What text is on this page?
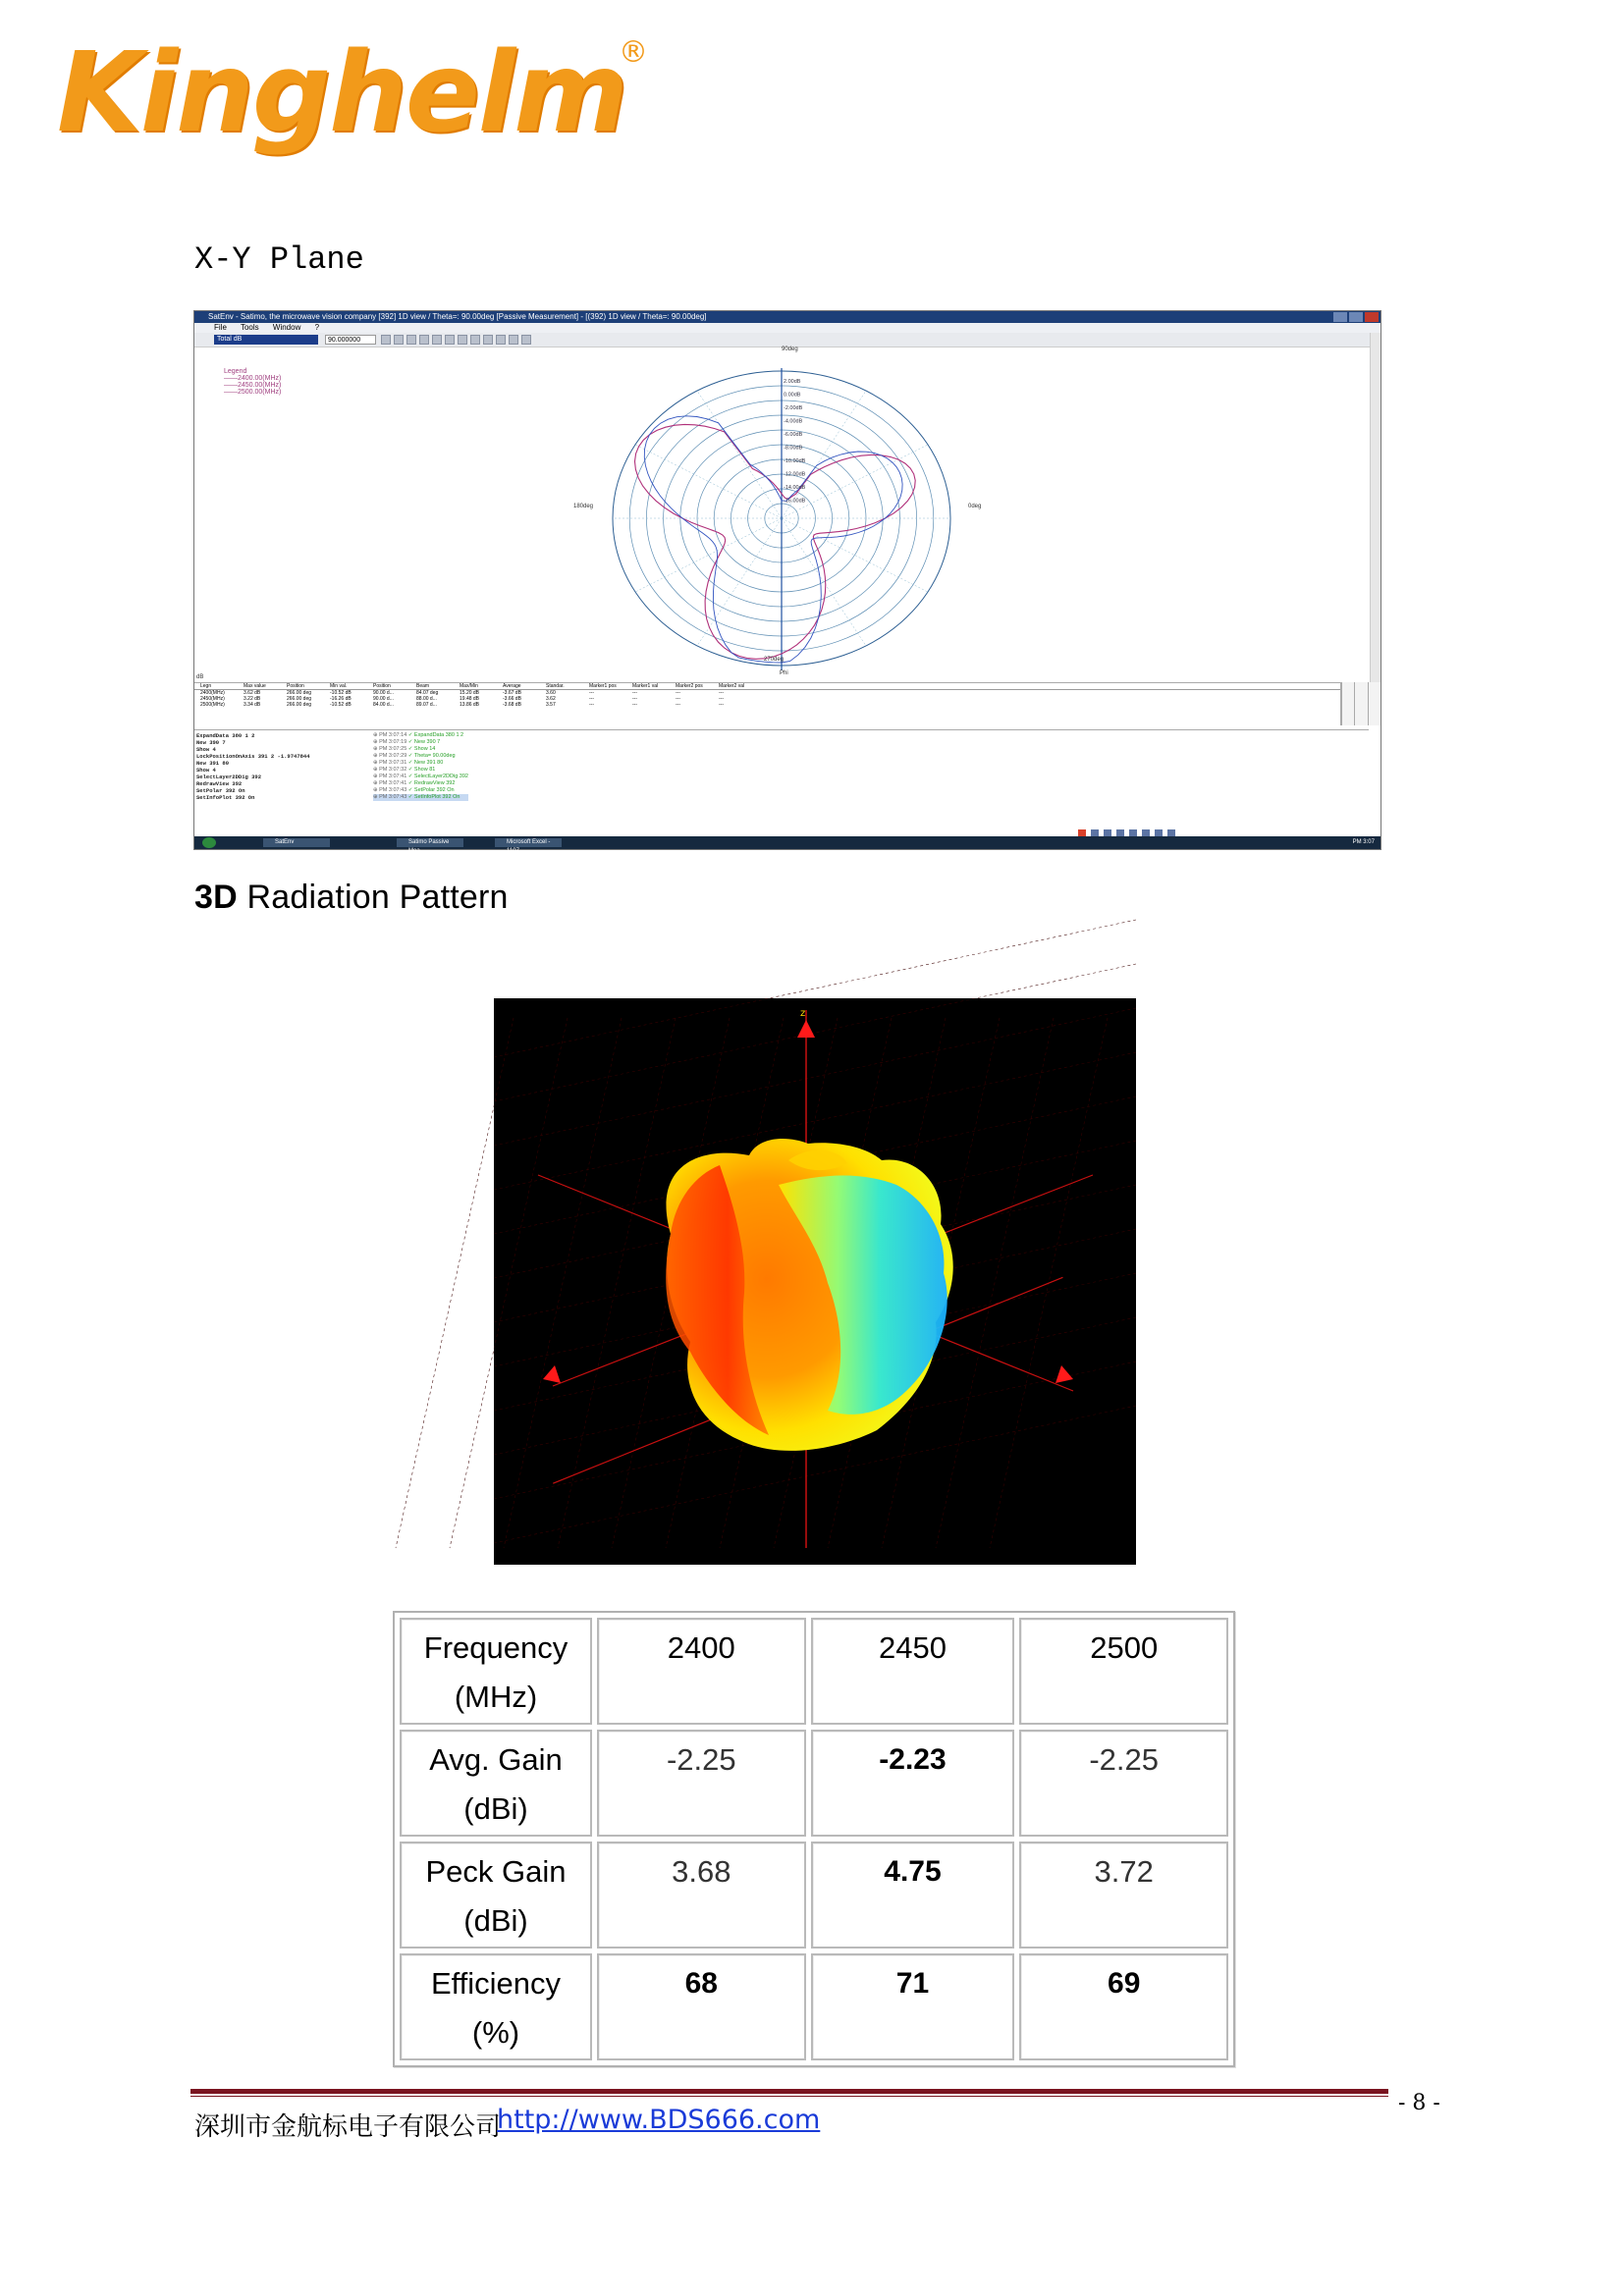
Kinghelm
®
X-Y Plane
SatEnv - Satimo, the microwave vision company [392] 1D view / Theta=: 90.00deg [Passive Measurement] - [(392) 1D view / Theta=: 90.00deg]
File Tools Window ?
Total dB	90.000000
Legend
——2400.00(MHz)
——2450.00(MHz)
——2500.00(MHz)
2.00dB
0.00dB
-2.00dB
-4.00dB
-6.00dB
-8.00dB
-10.00dB
-12.00dB
-14.00dB
-16.00dB
90deg
180deg	0deg
270deg
Phi
dB
Legn	Max value	Position	Min val.	Position	Beam	Max/Min	Average	Standar.	Marker1 pos	Marker1 val	Marker2 pos	Marker2 val
2400(MHz)	3.62 dB	266.00 deg	-10.52 dB	90.00 d...	84.07 deg	15.20 dB	-3.67 dB	3.60	---	---	---	---
2450(MHz)	3.22 dB	266.00 deg	-16.26 dB	90.00 d...	88.00 d...	19.48 dB	-3.66 dB	3.62	---	---	---	---
2500(MHz)	3.34 dB	266.00 deg	-10.52 dB	84.00 d...	89.07 d...	13.86 dB	-3.68 dB	3.57	---	---	---	---
ExpandData 380 1 2
New 390 7
Show 4
LockPositionOnAxis 391 2 -1.9747844
New 391 80
Show 4
SelectLayer2DDig 392
RedrawView 392
SetPolar 392 On
SetInfoPlot 392 On
⊕ PM 3:07:14 ✓ ExpandData 380 1 2
⊕ PM 3:07:19 ✓ New 390 7
⊕ PM 3:07:25 ✓ Show 14
⊕ PM 3:07:29 ✓ Theta= 90.00deg
⊕ PM 3:07:31 ✓ New 391 80
⊕ PM 3:07:32 ✓ Show 81
⊕ PM 3:07:41 ✓ SelectLayer2DDig 392
⊕ PM 3:07:41 ✓ RedrawView 392
⊕ PM 3:07:43 ✓ SetPolar 392 On
⊕ PM 3:07:43 ✓ SetInfoPlot 392 On
SatEnv	Satimo Passive Mea...
Microsoft Excel - 1107
PM 3:07
3D Radiation Pattern
z
Frequency
(MHz)	2400	2450	2500

Avg. Gain
(dBi)	-2.25	-2.23	-2.25

Peck Gain
(dBi)	3.68	4.75	3.72

Efficiency
(%)	68	71	69
- 8 -
深圳市金航标电子有限公司
http://www.BDS666.com
